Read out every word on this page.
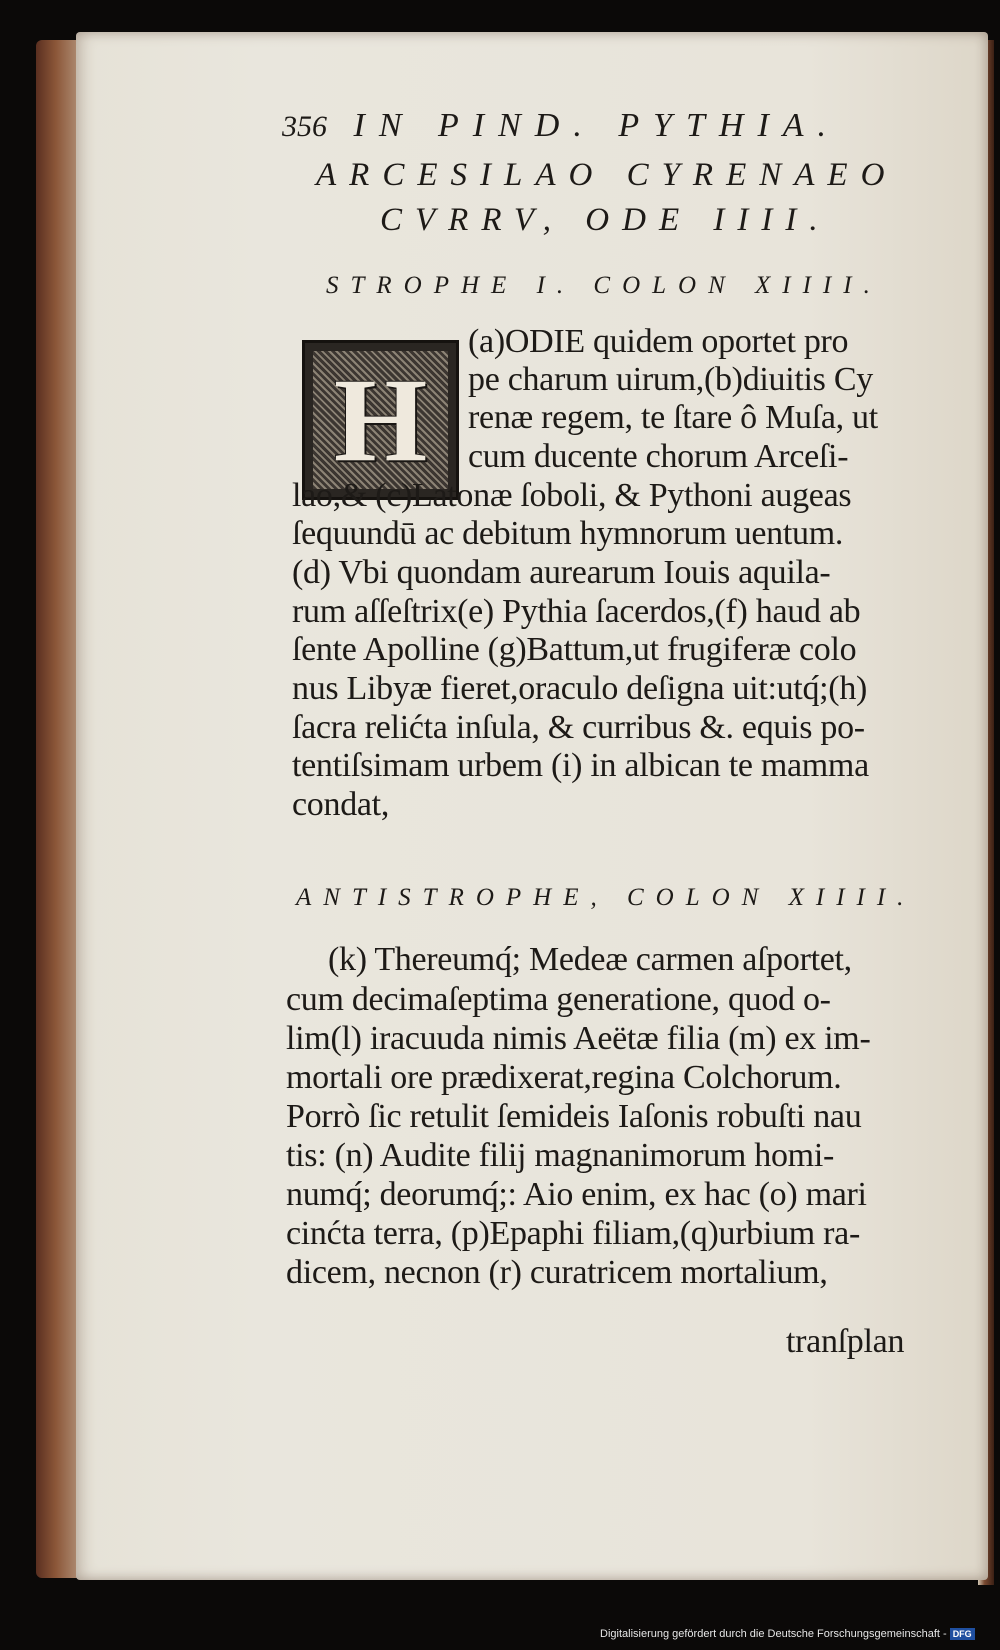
356 IN PIND. PYTHIA.
ARCESILAO CYRENAEO
CVRRV, ODE IIII.
STROPHE I. COLON XIIII.
H
(a)ODIE quidem oportet pro
pe charum uirum,(b)diuitis Cy
renæ regem, te ſtare ô Muſa, ut
cum ducente chorum Arceſi-
lao,& (c)Latonæ ſoboli, & Pythoni augeas
ſequundū ac debitum hymnorum uentum.
(d) Vbi quondam aurearum Iouis aquila-
rum aſſeſtrix(e) Pythia ſacerdos,(f) haud ab
ſente Apolline (g)Battum,ut frugiferæ colo
nus Libyæ fieret,oraculo deſigna uit:utq́;(h)
ſacra relićta inſula, & curribus &. equis po-
tentiſsimam urbem (i) in albican te mamma
condat,
ANTISTROPHE, COLON XIIII.
(k) Thereumq́; Medeæ carmen aſportet,
cum decimaſeptima generatione, quod o-
lim(l) iracuuda nimis Aeëtæ filia (m) ex im-
mortali ore prædixerat,regina Colchorum.
Porrò ſic retulit ſemideis Iaſonis robuſti nau
tis: (n) Audite filij magnanimorum homi-
numq́; deorumq́;: Aio enim, ex hac (o) mari
cinćta terra, (p)Epaphi filiam,(q)urbium ra-
dicem, necnon (r) curatricem mortalium,
tranſplan
Digitalisierung gefördert durch die Deutsche Forschungsgemeinschaft - DFG
